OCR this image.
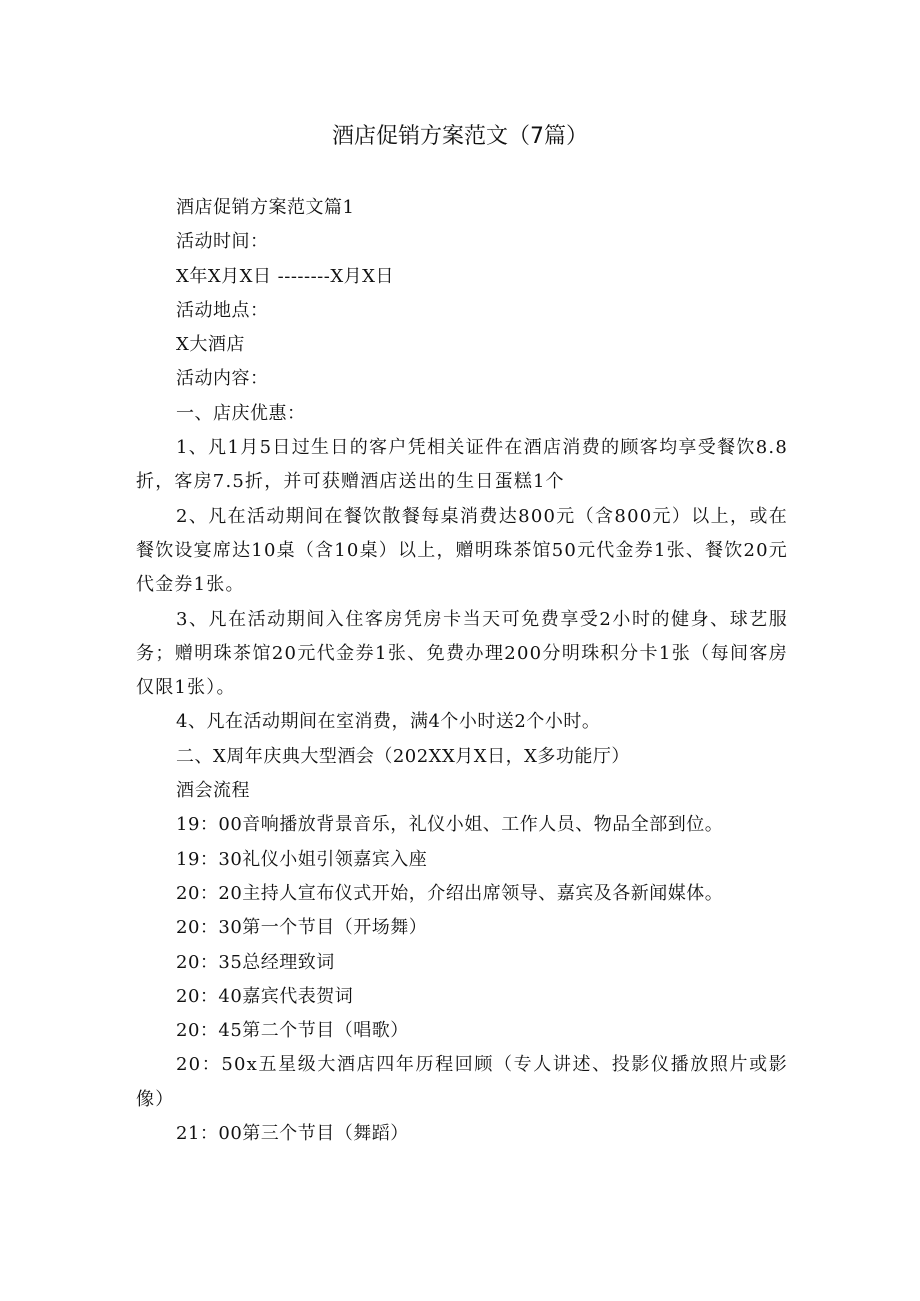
酒店促销方案范文（7篇）

酒店促销方案范文篇1

活动时间：

X年X月X日 --------X月X日

活动地点：

X大酒店

活动内容：

一、店庆优惠：

1、凡1月5日过生日的客户凭相关证件在酒店消费的顾客均享受餐饮8.8折，客房7.5折，并可获赠酒店送出的生日蛋糕1个

2、凡在活动期间在餐饮散餐每桌消费达800元（含800元）以上，或在餐饮设宴席达10桌（含10桌）以上，赠明珠茶馆50元代金券1张、餐饮20元代金券1张。

3、凡在活动期间入住客房凭房卡当天可免费享受2小时的健身、球艺服务；赠明珠茶馆20元代金券1张、免费办理200分明珠积分卡1张（每间客房仅限1张）。

4、凡在活动期间在室消费，满4个小时送2个小时。

二、X周年庆典大型酒会（202XX月X日，X多功能厅）

酒会流程

19：00音响播放背景音乐，礼仪小姐、工作人员、物品全部到位。

19：30礼仪小姐引领嘉宾入座

20：20主持人宣布仪式开始，介绍出席领导、嘉宾及各新闻媒体。

20：30第一个节目（开场舞）

20：35总经理致词

20：40嘉宾代表贺词

20：45第二个节目（唱歌）

20：50x五星级大酒店四年历程回顾（专人讲述、投影仪播放照片或影像）

21：00第三个节目（舞蹈）
